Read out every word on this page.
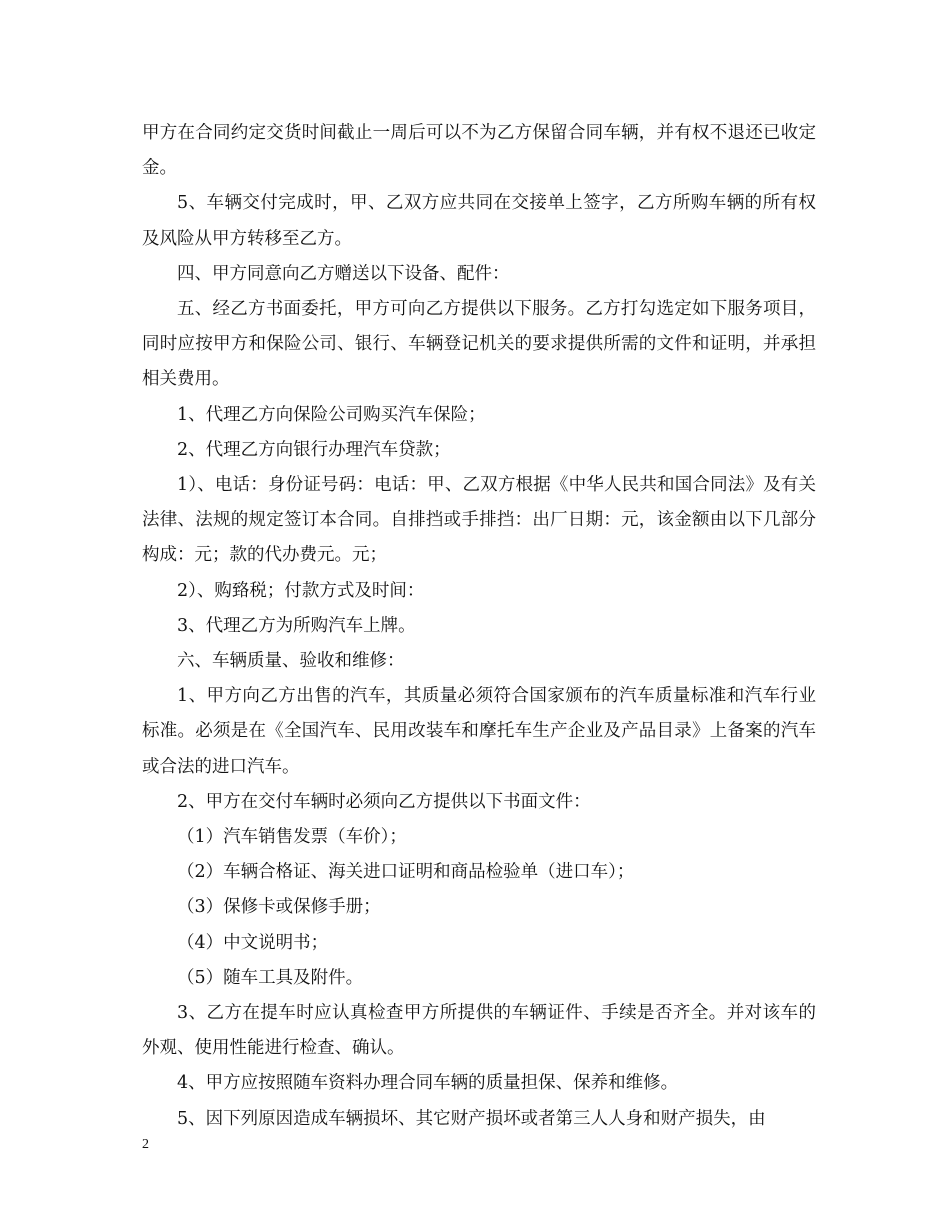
甲方在合同约定交货时间截止一周后可以不为乙方保留合同车辆，并有权不退还已收定金。

5、车辆交付完成时，甲、乙双方应共同在交接单上签字，乙方所购车辆的所有权及风险从甲方转移至乙方。

四、甲方同意向乙方赠送以下设备、配件：

五、经乙方书面委托，甲方可向乙方提供以下服务。乙方打勾选定如下服务项目，同时应按甲方和保险公司、银行、车辆登记机关的要求提供所需的文件和证明，并承担相关费用。

1、代理乙方向保险公司购买汽车保险；

2、代理乙方向银行办理汽车贷款；

1）、电话：身份证号码：电话：甲、乙双方根据《中华人民共和国合同法》及有关法律、法规的规定签订本合同。自排挡或手排挡：出厂日期：元，该金额由以下几部分构成：元；款的代办费元。元；

2）、购臵税；付款方式及时间：

3、代理乙方为所购汽车上牌。

六、车辆质量、验收和维修：

1、甲方向乙方出售的汽车，其质量必须符合国家颁布的汽车质量标准和汽车行业标准。必须是在《全国汽车、民用改装车和摩托车生产企业及产品目录》上备案的汽车或合法的进口汽车。

2、甲方在交付车辆时必须向乙方提供以下书面文件：

（1）汽车销售发票（车价）；

（2）车辆合格证、海关进口证明和商品检验单（进口车）；

（3）保修卡或保修手册；

（4）中文说明书；

（5）随车工具及附件。

3、乙方在提车时应认真检查甲方所提供的车辆证件、手续是否齐全。并对该车的外观、使用性能进行检查、确认。

4、甲方应按照随车资料办理合同车辆的质量担保、保养和维修。

5、因下列原因造成车辆损坏、其它财产损坏或者第三人人身和财产损失，由

2
